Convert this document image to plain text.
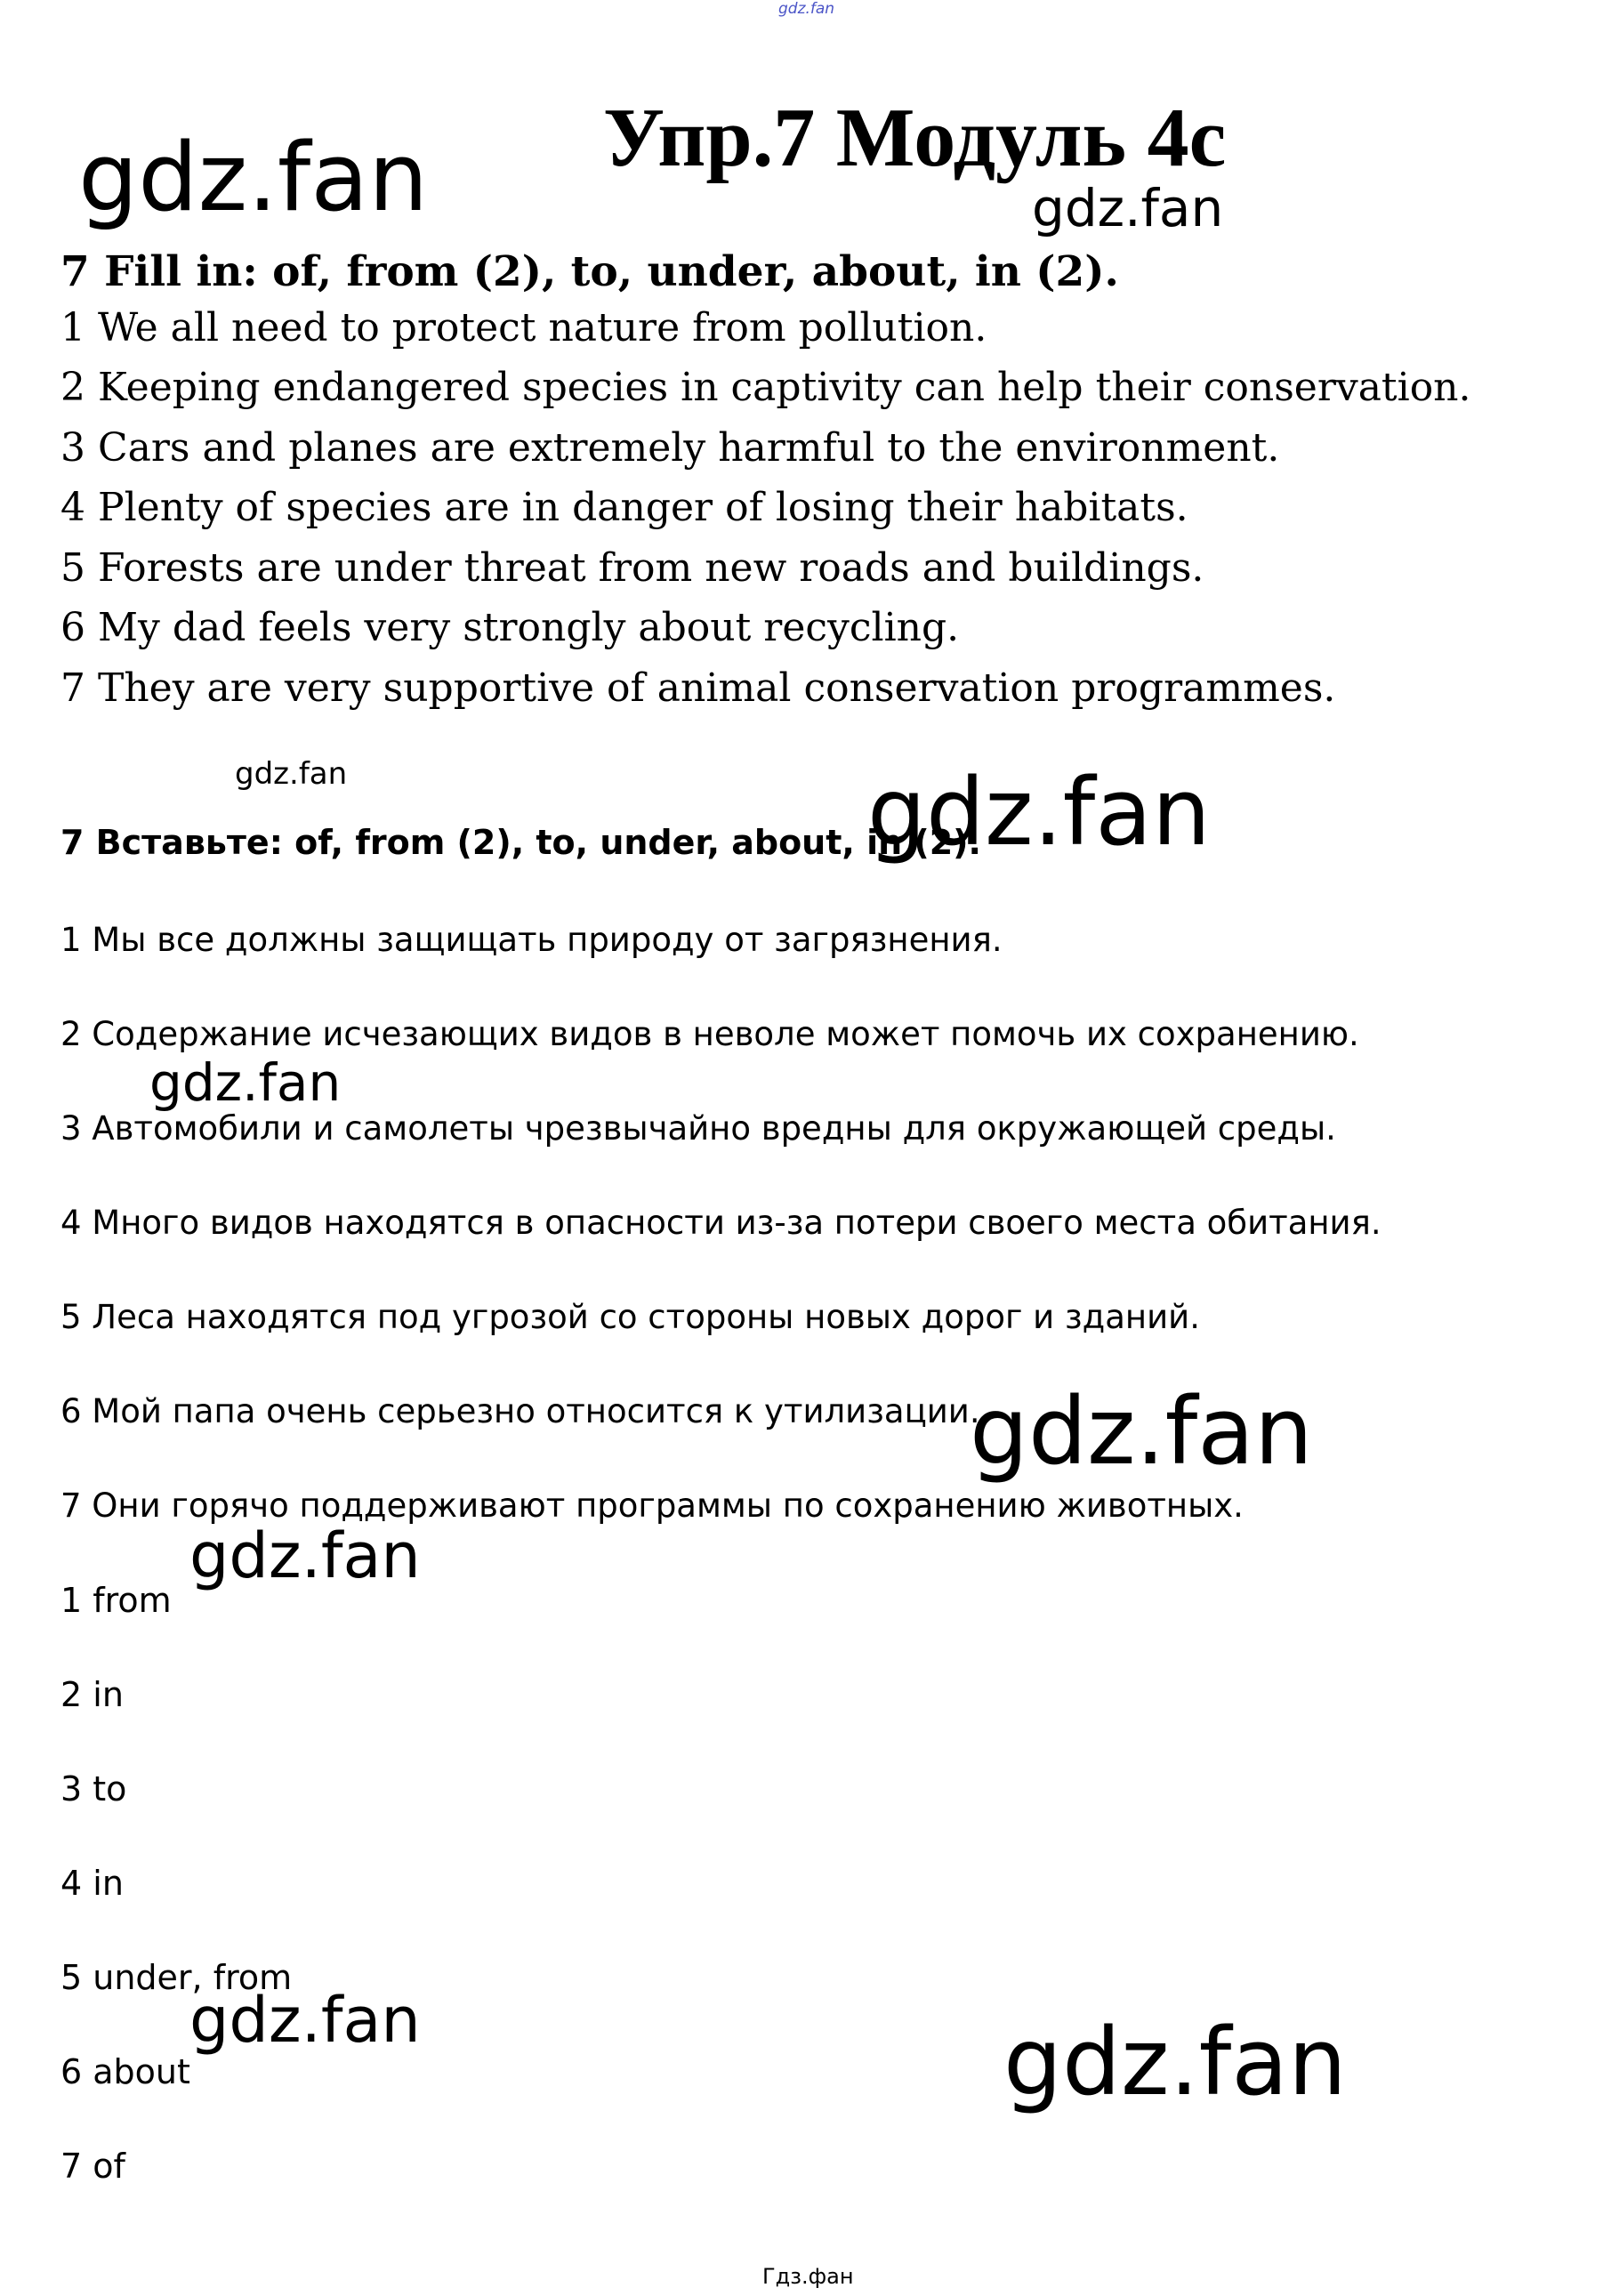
gdz.fan
Упр.7 Модуль 4с
7 Fill in: of, from (2), to, under, about, in (2).
1 We all need to protect nature from pollution.
2 Keeping endangered species in captivity can help their conservation.
3 Cars and planes are extremely harmful to the environment.
4 Plenty of species are in danger of losing their habitats.
5 Forests are under threat from new roads and buildings.
6 My dad feels very strongly about recycling.
7 They are very supportive of animal conservation programmes.
7 Вставьте: of, from (2), to, under, about, in (2).
1 Мы все должны защищать природу от загрязнения.
2 Содержание исчезающих видов в неволе может помочь их сохранению.
3 Автомобили и самолеты чрезвычайно вредны для окружающей среды.
4 Много видов находятся в опасности из-за потери своего места обитания.
5 Леса находятся под угрозой со стороны новых дорог и зданий.
6 Мой папа очень серьезно относится к утилизации.
7 Они горячо поддерживают программы по сохранению животных.
1 from
2 in
3 to
4 in
5 under, from
6 about
7 of
gdz.fan	gdz.fan
gdz.fan	gdz.fan
gdz.fan
gdz.fan
gdz.fan
gdz.fan	gdz.fan
Гдз.фан
